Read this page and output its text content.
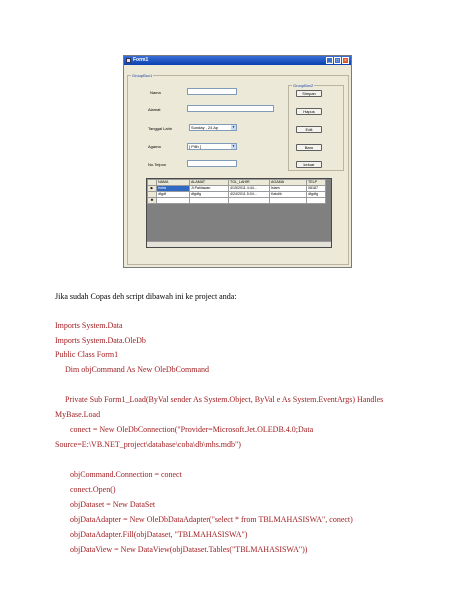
Form1	_	□	×
GroupBox1
GroupBox2
Nama
Alamat
Tanggal Lahir
Agama
No.Telpon
Sunday , 24 Ap	▼
[ Pilih ]	▼
Simpan
Hapus
Edit
Baru
keluar
	NAMA	ALAMAT	TGL_LAHIR	AGAMA	TELP
▶	indra	Jl.Pahlawan	4/15/2011 4:44...	Islam	08187
	dfgdf	dfgdfg	4/24/2011 5:04...	Katolik	dfgdfg
✱					
Jika sudah Copas deh script dibawah ini ke project anda:
Imports System.Data
Imports System.Data.OleDb
Public Class Form1
Dim objCommand As New OleDbCommand
Private Sub Form1_Load(ByVal sender As System.Object, ByVal e As System.EventArgs) Handles
MyBase.Load
conect = New OleDbConnection("Provider=Microsoft.Jet.OLEDB.4.0;Data
Source=E:\VB.NET_project\database\coba\db\mhs.mdb")
objCommand.Connection = conect
conect.Open()
objDataset = New DataSet
objDataAdapter = New OleDbDataAdapter("select * from TBLMAHASISWA", conect)
objDataAdapter.Fill(objDataset, "TBLMAHASISWA")
objDataView = New DataView(objDataset.Tables("TBLMAHASISWA"))
